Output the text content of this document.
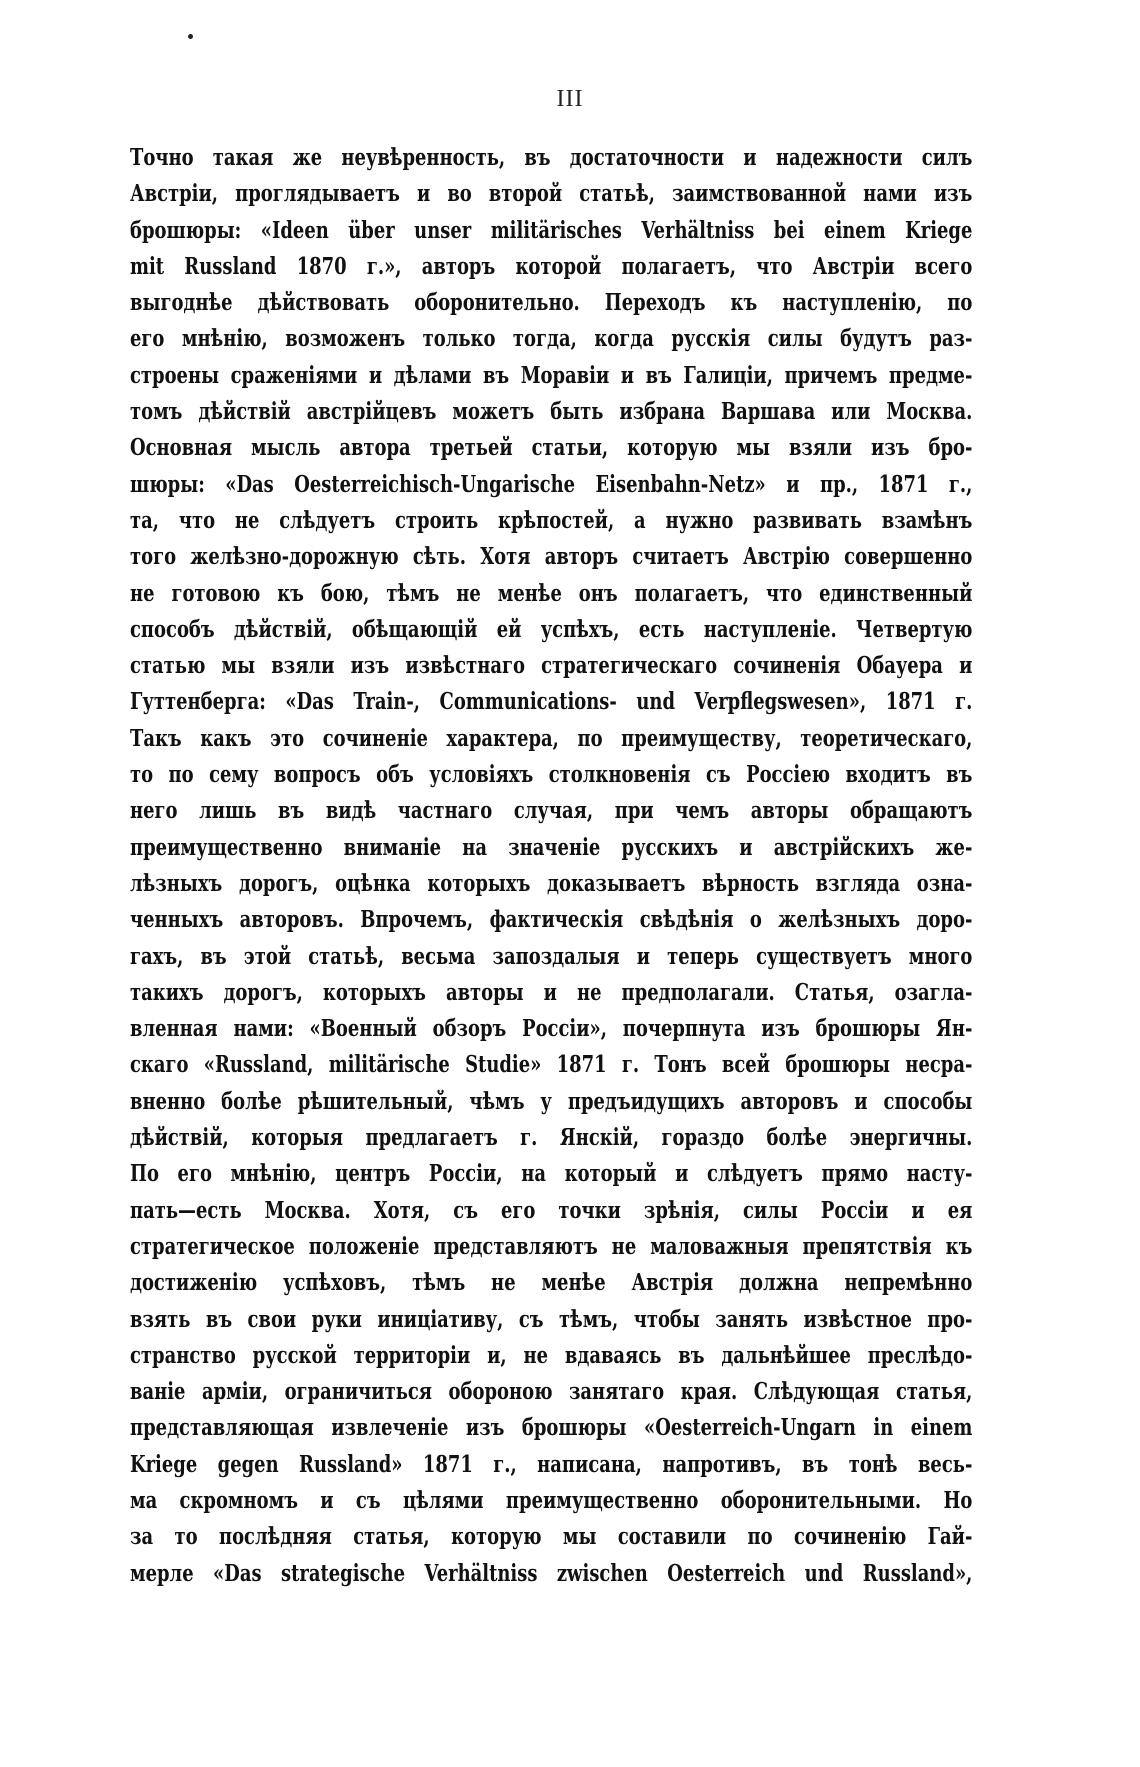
III
Точно такая же неувѣренность, въ достаточности и надежности силъ
Австріи, проглядываетъ и во второй статьѣ, заимствованной нами изъ
брошюры: «Ideen über unser militärisches Verhältniss bei einem Kriege
mit Russland 1870 г.», авторъ которой полагаетъ, что Австріи всего
выгоднѣе дѣйствовать оборонительно. Переходъ къ наступленію, по
его мнѣнію, возможенъ только тогда, когда русскія силы будутъ раз-
строены сраженіями и дѣлами въ Моравіи и въ Галиціи, причемъ предме-
томъ дѣйствій австрійцевъ можетъ быть избрана Варшава или Москва.
Основная мысль автора третьей статьи, которую мы взяли изъ бро-
шюры: «Das Oesterreichisch-Ungarische Eisenbahn-Netz» и пр., 1871 г.,
та, что не слѣдуетъ строить крѣпостей, а нужно развивать взамѣнъ
того желѣзно-дорожную сѣть. Хотя авторъ считаетъ Австрію совершенно
не готовою къ бою, тѣмъ не менѣе онъ полагаетъ, что единственный
способъ дѣйствій, обѣщающій ей успѣхъ, есть наступленіе. Четвертую
статью мы взяли изъ извѣстнаго стратегическаго сочиненія Обауера и
Гуттенберга: «Das Train-, Communications- und Verpflegswesen», 1871 г.
Такъ какъ это сочиненіе характера, по преимуществу, теоретическаго,
то по сему вопросъ объ условіяхъ столкновенія съ Россіею входитъ въ
него лишь въ видѣ частнаго случая, при чемъ авторы обращаютъ
преимущественно вниманіе на значеніе русскихъ и австрійскихъ же-
лѣзныхъ дорогъ, оцѣнка которыхъ доказываетъ вѣрность взгляда озна-
ченныхъ авторовъ. Впрочемъ, фактическія свѣдѣнія о желѣзныхъ доро-
гахъ, въ этой статьѣ, весьма запоздалыя и теперь существуетъ много
такихъ дорогъ, которыхъ авторы и не предполагали. Статья, озагла-
вленная нами: «Военный обзоръ Россіи», почерпнута изъ брошюры Ян-
скаго «Russland, militärische Studie» 1871 г. Тонъ всей брошюры несра-
вненно болѣе рѣшительный, чѣмъ у предъидущихъ авторовъ и способы
дѣйствій, которыя предлагаетъ г. Янскій, гораздо болѣе энергичны.
По его мнѣнію, центръ Россіи, на который и слѣдуетъ прямо насту-
пать—есть Москва. Хотя, съ его точки зрѣнія, силы Россіи и ея
стратегическое положеніе представляютъ не маловажныя препятствія къ
достиженію успѣховъ, тѣмъ не менѣе Австрія должна непремѣнно
взять въ свои руки иниціативу, съ тѣмъ, чтобы занять извѣстное про-
странство русской территоріи и, не вдаваясь въ дальнѣйшее преслѣдо-
ваніе арміи, ограничиться обороною занятаго края. Слѣдующая статья,
представляющая извлеченіе изъ брошюры «Oesterreich-Ungarn in einem
Kriege gegen Russland» 1871 г., написана, напротивъ, въ тонѣ весь-
ма скромномъ и съ цѣлями преимущественно оборонительными. Но
за то послѣдняя статья, которую мы составили по сочиненію Гай-
мерле «Das strategische Verhältniss zwischen Oesterreich und Russland»,
